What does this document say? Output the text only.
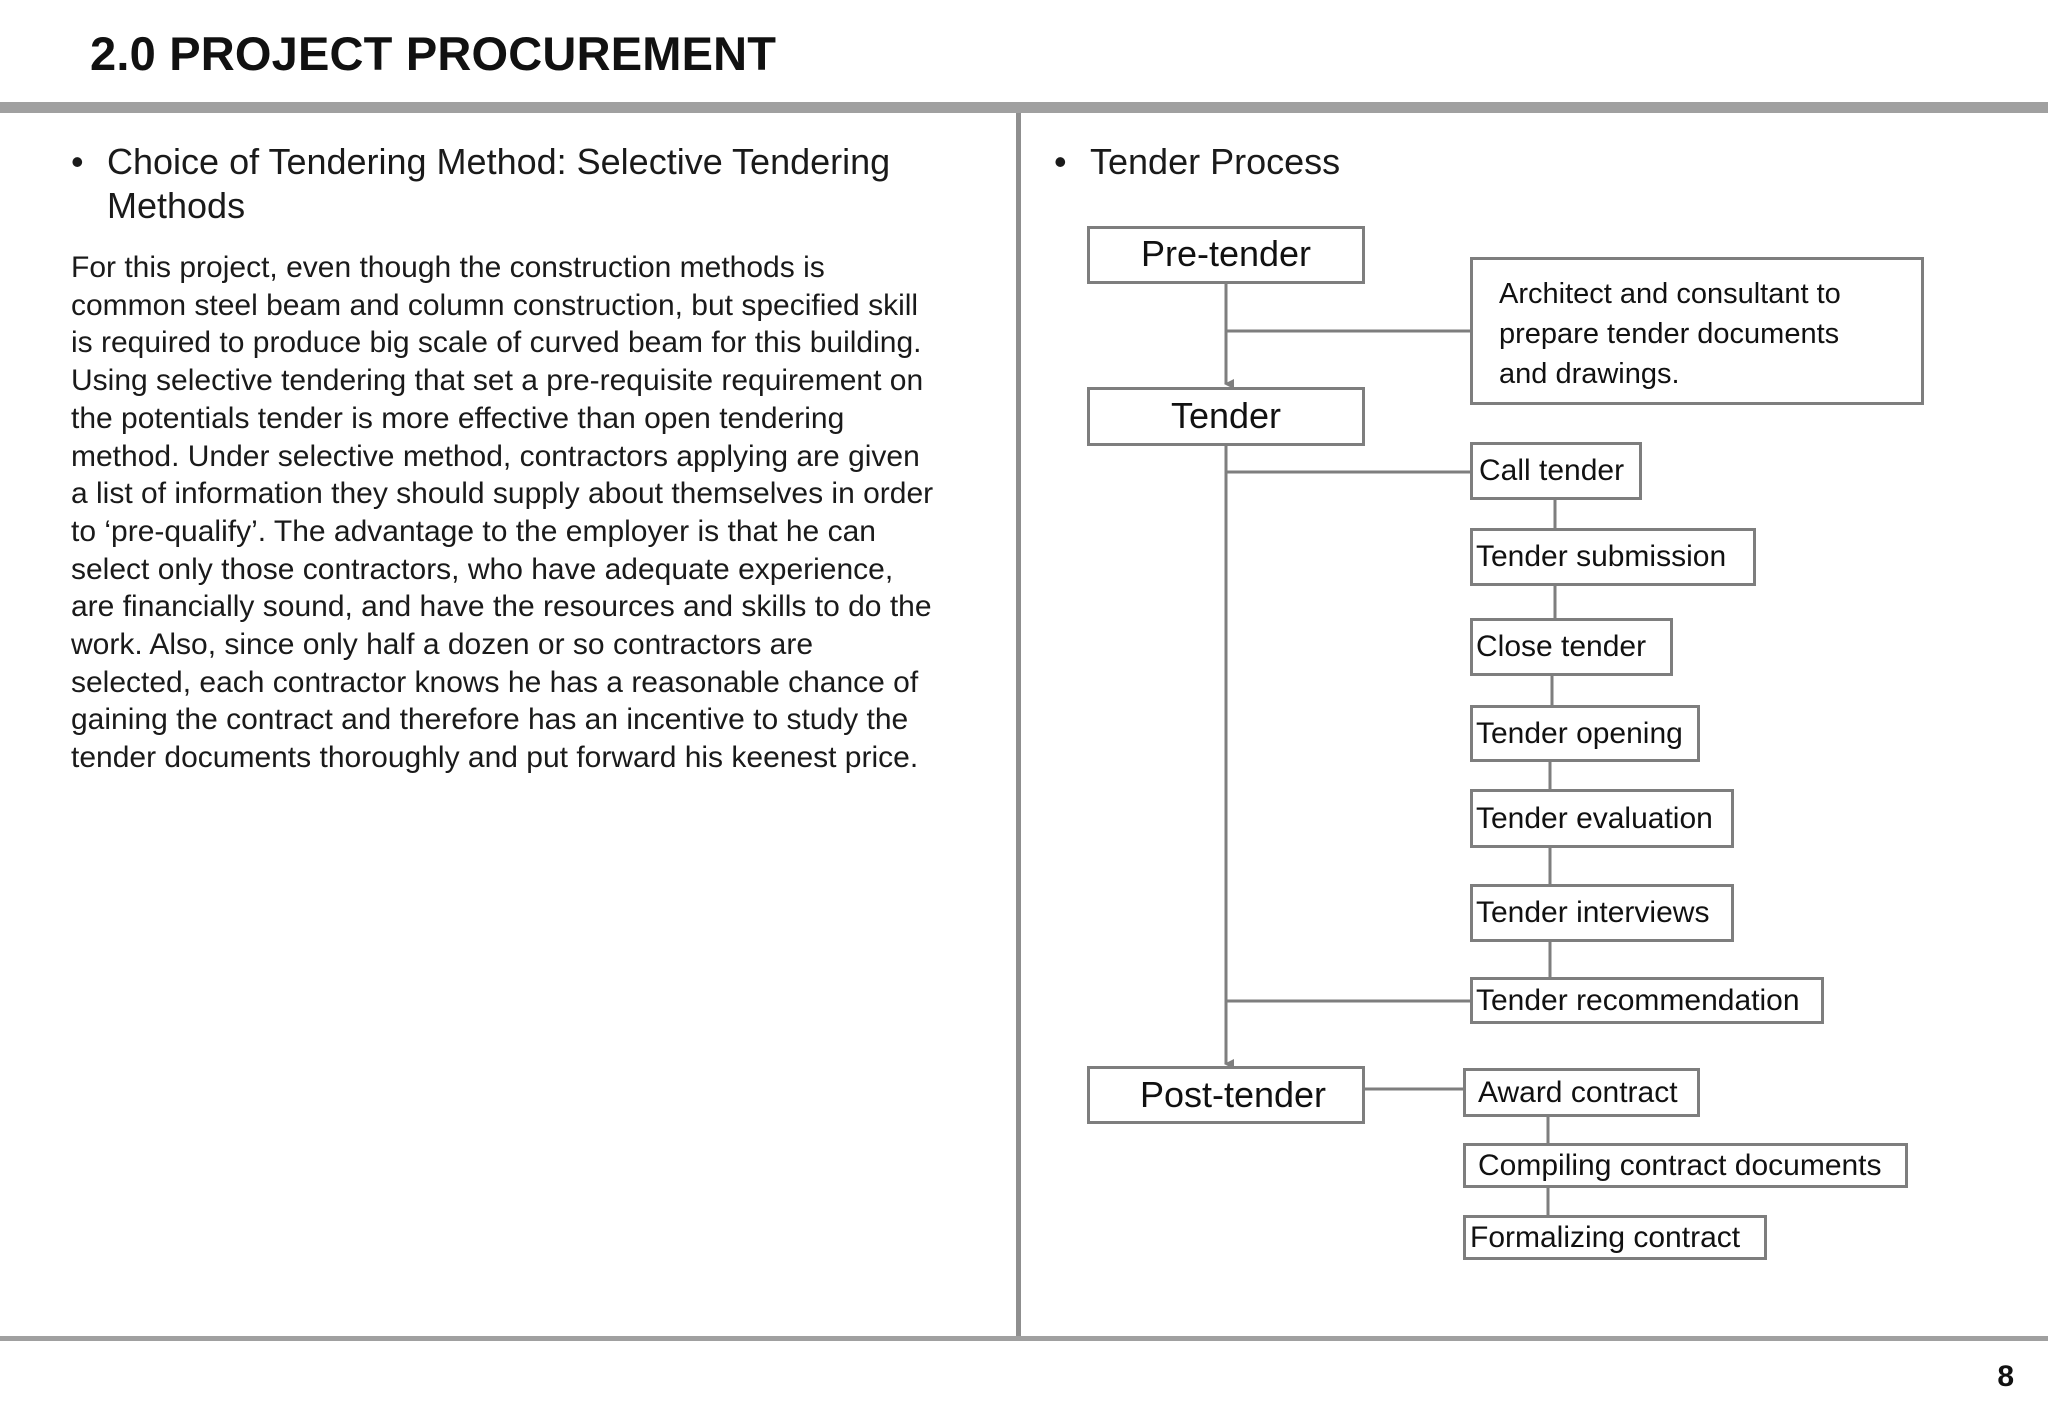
2.0 PROJECT PROCUREMENT
• Choice of Tendering Method: Selective Tendering
Methods
For this project, even though the construction methods is
common steel beam and column construction, but specified skill
is required to produce big scale of curved beam for this building.
Using selective tendering that set a pre-requisite requirement on
the potentials tender is more effective than open tendering
method. Under selective method, contractors applying are given
a list of information they should supply about themselves in order
to ‘pre-qualify’. The advantage to the employer is that he can
select only those contractors, who have adequate experience,
are financially sound, and have the resources and skills to do the
work. Also, since only half a dozen or so contractors are
selected, each contractor knows he has a reasonable chance of
gaining the contract and therefore has an incentive to study the
tender documents thoroughly and put forward his keenest price.
• Tender Process
Pre-tender
Tender
Post-tender
Architect and consultant to
prepare tender documents
and drawings.
Call tender
Tender submission
Close tender
Tender opening
Tender evaluation
Tender interviews
Tender recommendation
Award contract
Compiling contract documents
Formalizing contract
8
